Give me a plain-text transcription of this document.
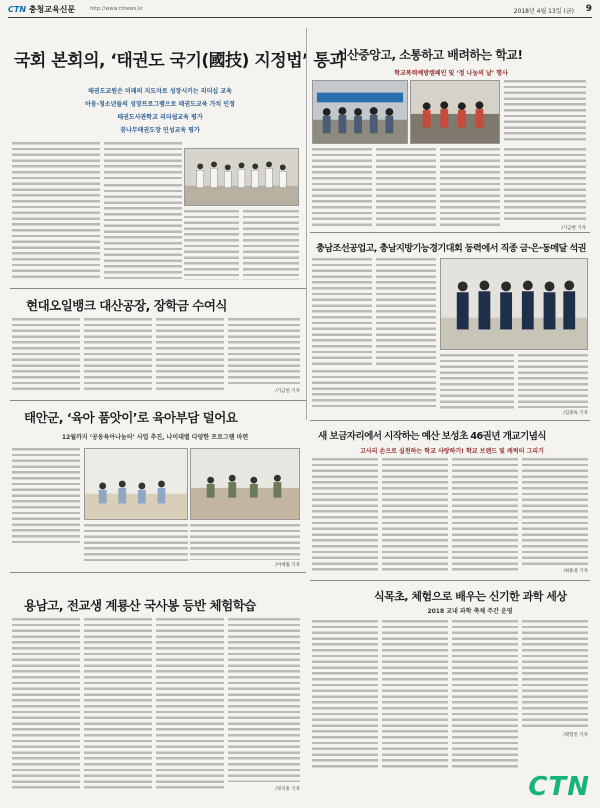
CTN 충청교육신문	http://www.ctnews.kr	2018년 4월 13일 (금) 9
국회 본회의, ‘태권도 국기(國技) 지정법’ 통과
태권도교원은 미래의 지도자로 성장시키는 리더십 교육
아동·청소년들의 성장프로그램으로 태권도교육 가치 인정
태권도사관학교 리더쉽교육 평가
꿈나무태권도장 인성교육 평가
서산중앙고, 소통하고 배려하는 학교!
학교폭력예방캠페인 및 ‘정 나눔의 날’ 행사
/기금현 기자
충남조선공업고, 충남지방기능경기대회 동력에서 직종 금·은·동메달 석권
/김종독 기자
현대오일뱅크 대산공장, 장학금 수여식
/기금현 기자
태안군, ‘육아 품앗이’로 육아부담 덜어요
12월까지 ‘공동육아나눔터’ 사업 추진, 나이대별 다양한 프로그램 마련
/이애월 기자
새 보금자리에서 시작하는 예산 보성초 46권년 개교기념식
고사리 손으로 실천하는 학교 사랑하기! 학교 브랜드 및 캐릭터 그리기
/최용권 기자
용남고, 전교생 계룡산 국사봉 등반 체험학습
/정지홍 기자
식목초, 체험으로 배우는 신기한 과학 세상
2018 교내 과학 축제 주간 운영
/곽향진 기자
CTN
